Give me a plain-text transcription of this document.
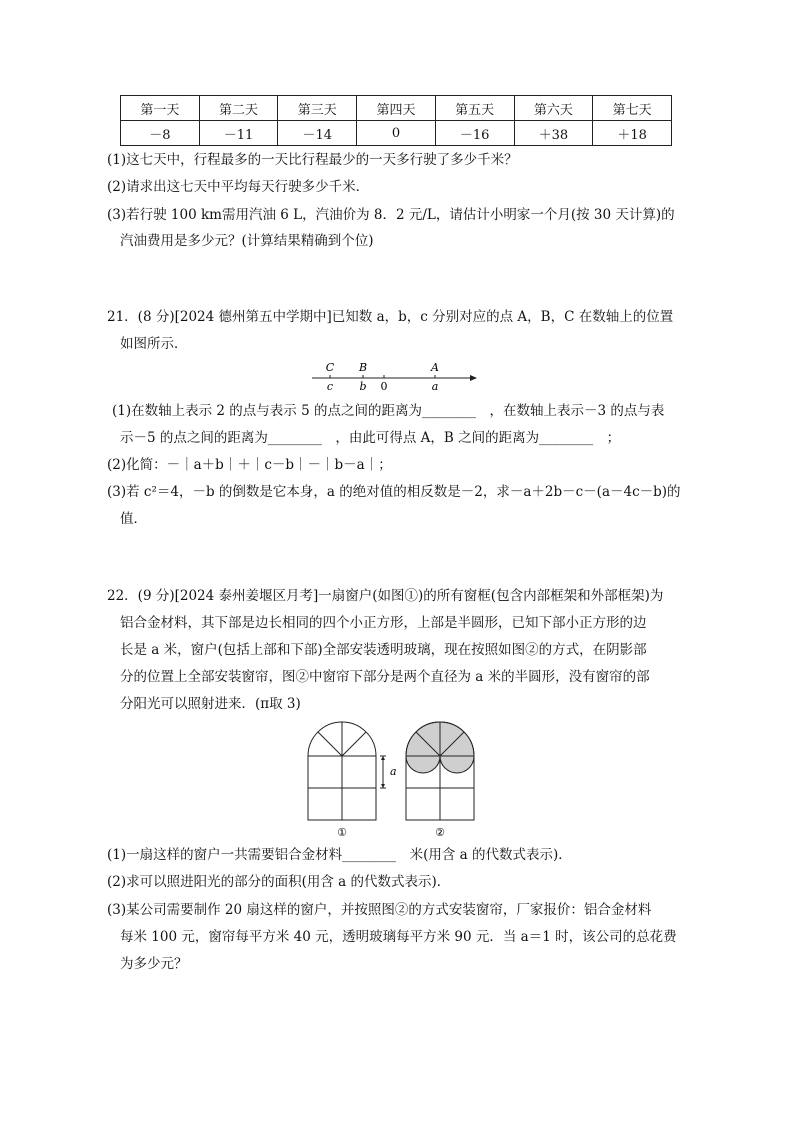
第一天	第二天	第三天	第四天	第五天	第六天	第七天
－8	－11	－14	0	－16	＋38	＋18
(1)这七天中，行程最多的一天比行程最少的一天多行驶了多少千米？
(2)请求出这七天中平均每天行驶多少千米．
(3)若行驶 100 km需用汽油 6 L，汽油价为 8．2 元/L，请估计小明家一个月(按 30 天计算)的
汽油费用是多少元？(计算结果精确到个位)
21．(8 分)[2024 德州第五中学期中]已知数 a，b，c 分别对应的点 A，B，C 在数轴上的位置
如图所示．
C B	A
c b 0	a
(1)在数轴上表示 2 的点与表示 5 的点之间的距离为________　，在数轴上表示－3 的点与表
示－5 的点之间的距离为________　，由此可得点 A，B 之间的距离为________　；
(2)化简：－｜a＋b｜＋｜c－b｜－｜b－a｜；
(3)若 c²＝4，－b 的倒数是它本身，a 的绝对值的相反数是－2，求－a＋2b－c－(a－4c－b)的
值．
22．(9 分)[2024 泰州姜堰区月考]一扇窗户(如图①)的所有窗框(包含内部框架和外部框架)为
铝合金材料，其下部是边长相同的四个小正方形，上部是半圆形，已知下部小正方形的边
长是 a 米，窗户(包括上部和下部)全部安装透明玻璃，现在按照如图②的方式，在阴影部
分的位置上全部安装窗帘，图②中窗帘下部分是两个直径为 a 米的半圆形，没有窗帘的部
分阳光可以照射进来．(π取 3)
a
①	②
(1)一扇这样的窗户一共需要铝合金材料________　米(用含 a 的代数式表示)．
(2)求可以照进阳光的部分的面积(用含 a 的代数式表示)．
(3)某公司需要制作 20 扇这样的窗户，并按照图②的方式安装窗帘，厂家报价：铝合金材料
每米 100 元，窗帘每平方米 40 元，透明玻璃每平方米 90 元．当 a＝1 时，该公司的总花费
为多少元？
